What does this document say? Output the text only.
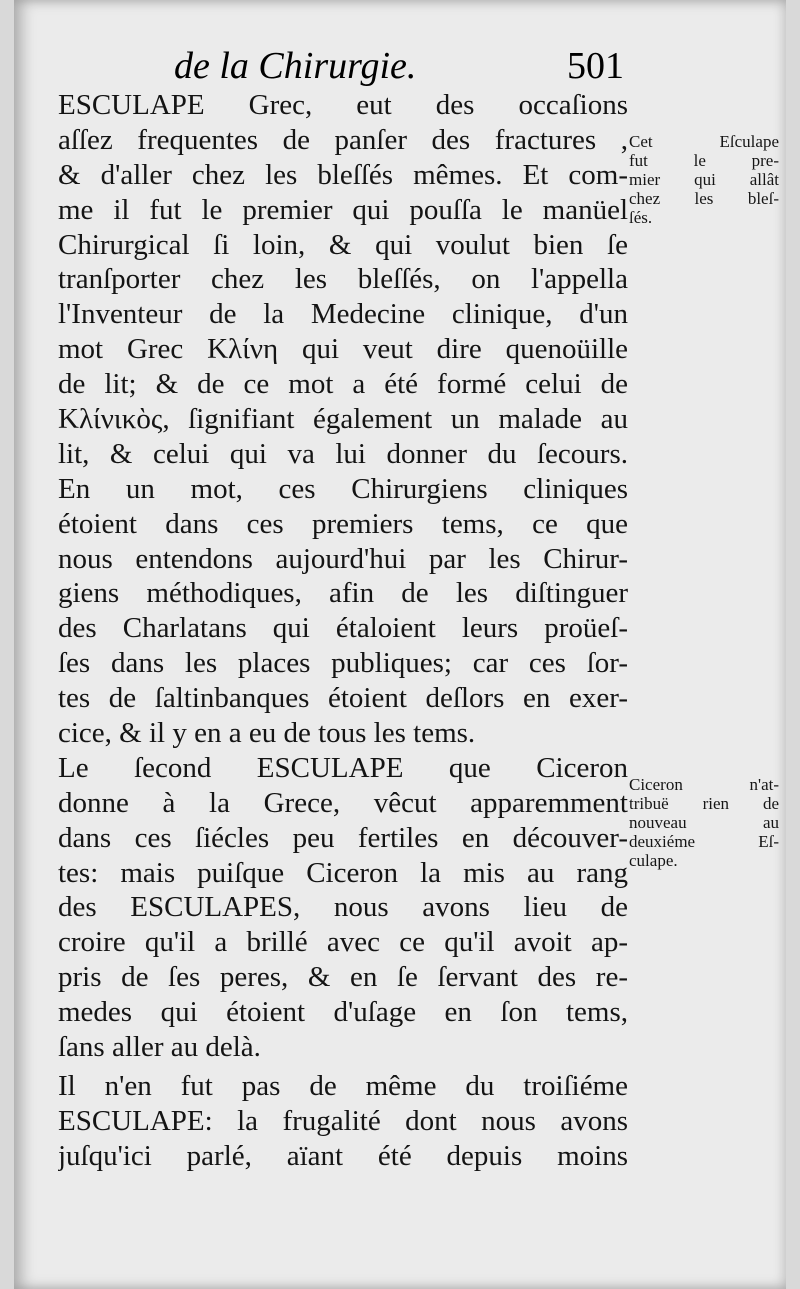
de la Chirurgie.	501
ESCULAPE Grec, eut des occaſions
aſſez frequentes de panſer des fractures ,
& d'aller chez les bleſſés mêmes. Et com-
me il fut le premier qui pouſſa le manüel
Chirurgical ſi loin, & qui voulut bien ſe
tranſporter chez les bleſſés, on l'appella
l'Inventeur de la Medecine clinique, d'un
mot Grec Κλίνη qui veut dire quenoüille
de lit; & de ce mot a été formé celui de
Κλίνικὸς, ſignifiant également un malade au
lit, & celui qui va lui donner du ſecours.
En un mot, ces Chirurgiens cliniques
étoient dans ces premiers tems, ce que
nous entendons aujourd'hui par les Chirur-
giens méthodiques, afin de les diſtinguer
des Charlatans qui étaloient leurs proüeſ-
ſes dans les places publiques; car ces ſor-
tes de ſaltinbanques étoient deſlors en exer-
cice, & il y en a eu de tous les tems.
Le ſecond ESCULAPE que Ciceron
donne à la Grece, vêcut apparemment
dans ces ſiécles peu fertiles en découver-
tes: mais puiſque Ciceron la mis au rang
des ESCULAPES, nous avons lieu de
croire qu'il a brillé avec ce qu'il avoit ap-
pris de ſes peres, & en ſe ſervant des re-
medes qui étoient d'uſage en ſon tems,
ſans aller au delà.
Il n'en fut pas de même du troiſiéme
ESCULAPE: la frugalité dont nous avons
juſqu'ici parlé, aïant été depuis moins
Cet Eſculape
fut le pre-
mier qui allât
chez les bleſ-
ſés.
Ciceron n'at-
tribuë rien de
nouveau au
deuxiéme Eſ-
culape.
